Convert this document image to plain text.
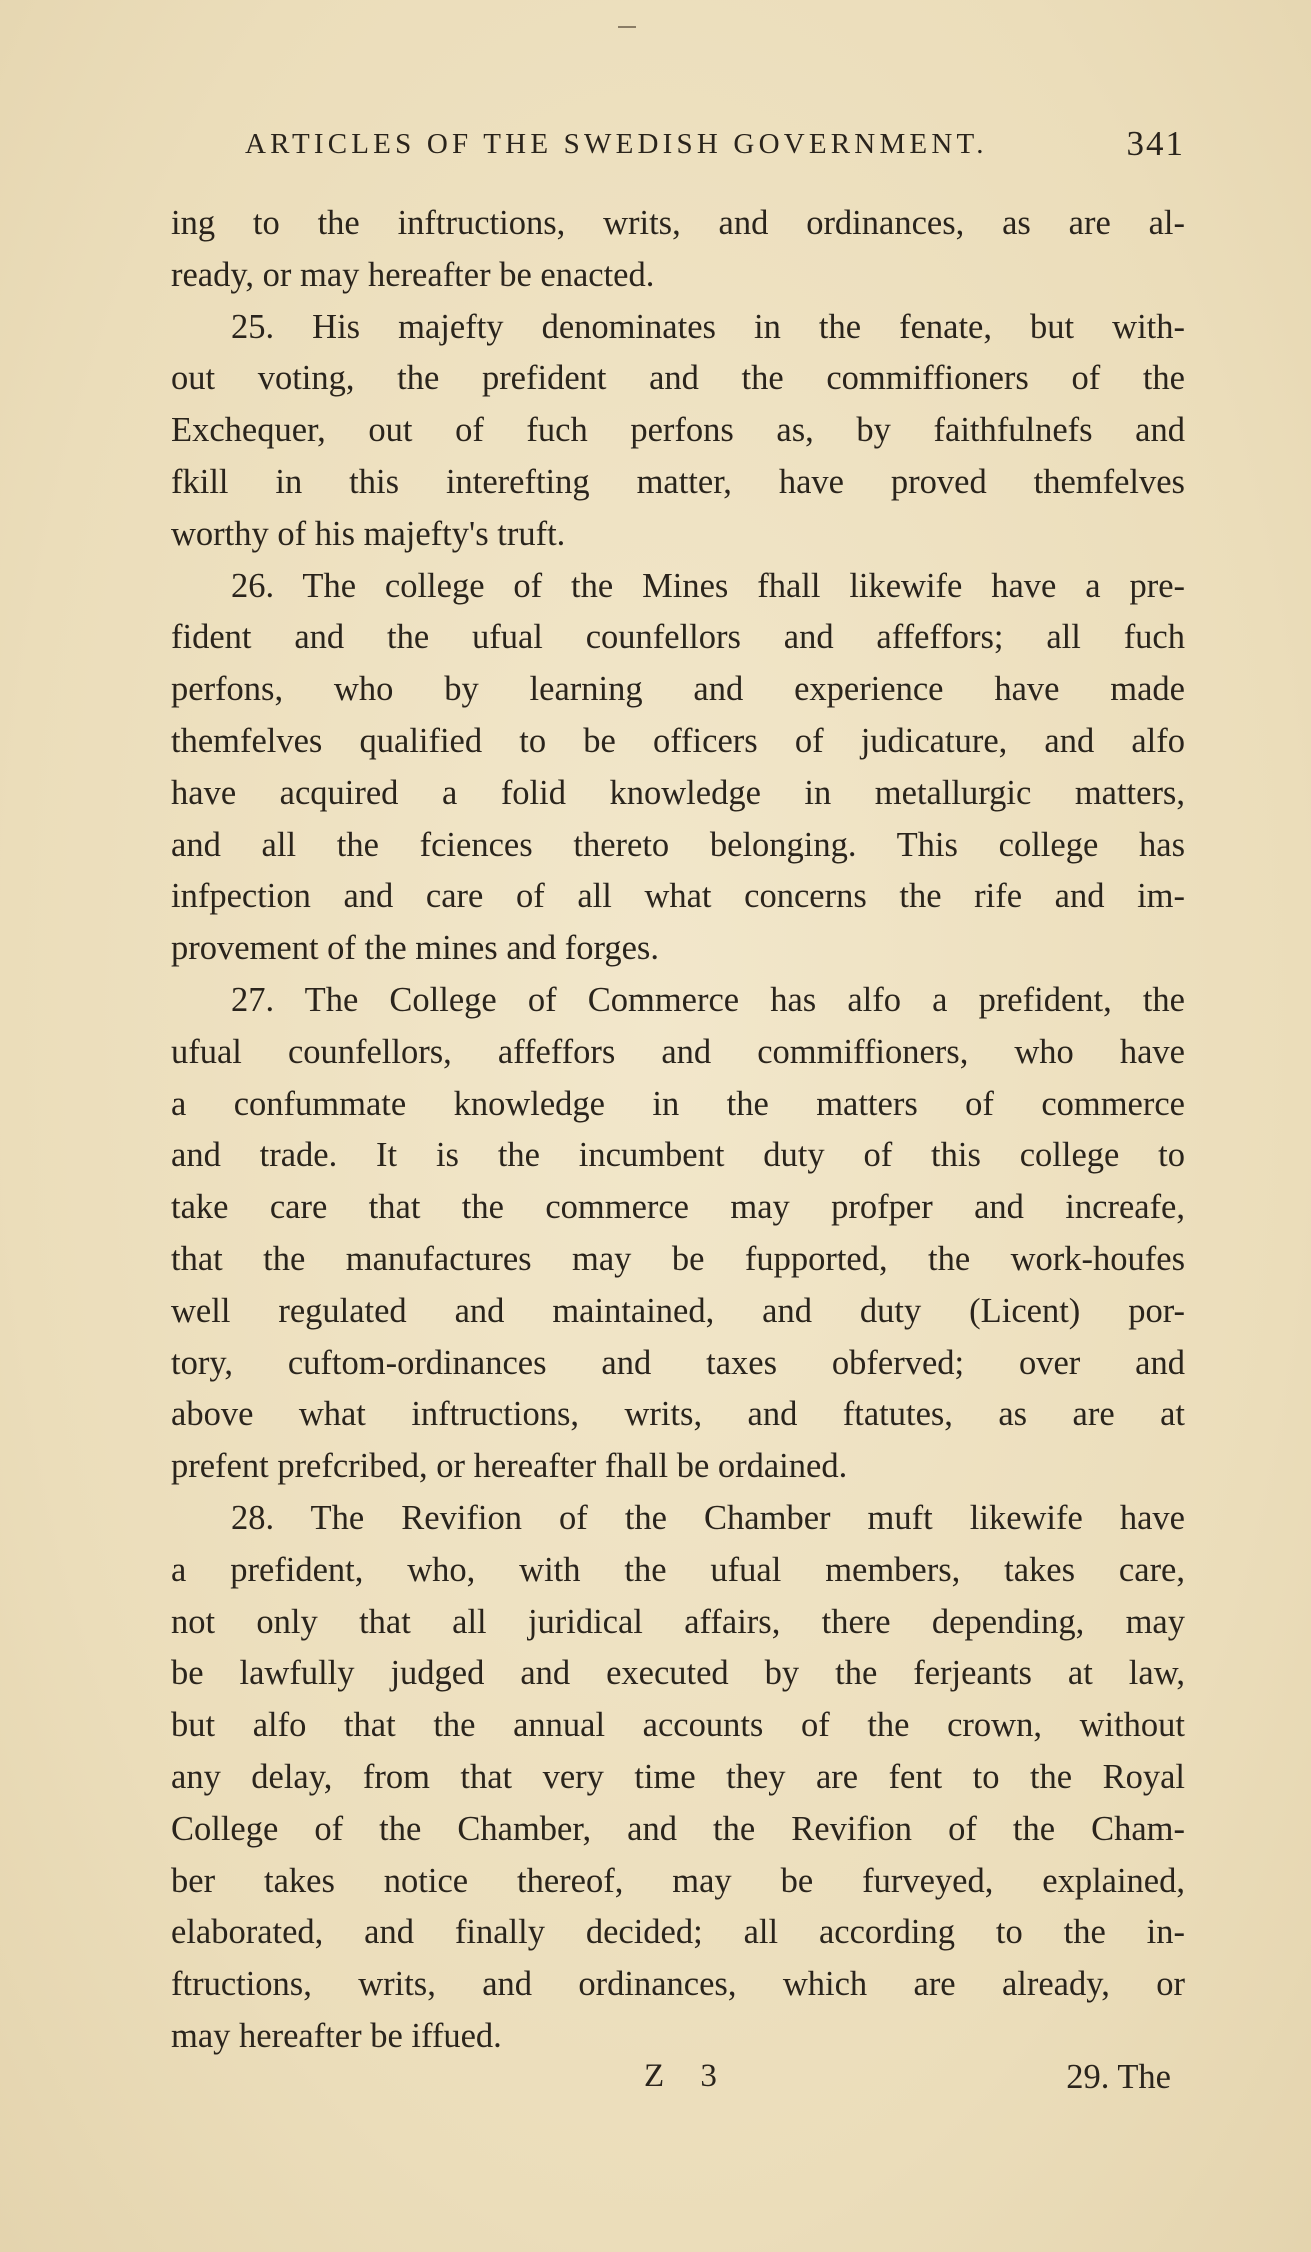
ARTICLES OF THE SWEDISH GOVERNMENT.	341
ing to the inftructions, writs, and ordinances, as are al-
ready, or may hereafter be enacted.
25. His majefty denominates in the fenate, but with-
out voting, the prefident and the commiffioners of the
Exchequer, out of fuch perfons as, by faithfulnefs and
fkill in this interefting matter, have proved themfelves
worthy of his majefty's truft.
26. The college of the Mines fhall likewife have a pre-
fident and the ufual counfellors and affeffors; all fuch
perfons, who by learning and experience have made
themfelves qualified to be officers of judicature, and alfo
have acquired a folid knowledge in metallurgic matters,
and all the fciences thereto belonging. This college has
infpection and care of all what concerns the rife and im-
provement of the mines and forges.
27. The College of Commerce has alfo a prefident, the
ufual counfellors, affeffors and commiffioners, who have
a confummate knowledge in the matters of commerce
and trade. It is the incumbent duty of this college to
take care that the commerce may profper and increafe,
that the manufactures may be fupported, the work-houfes
well regulated and maintained, and duty (Licent) por-
tory, cuftom-ordinances and taxes obferved; over and
above what inftructions, writs, and ftatutes, as are at
prefent prefcribed, or hereafter fhall be ordained.
28. The Revifion of the Chamber muft likewife have
a prefident, who, with the ufual members, takes care,
not only that all juridical affairs, there depending, may
be lawfully judged and executed by the ferjeants at law,
but alfo that the annual accounts of the crown, without
any delay, from that very time they are fent to the Royal
College of the Chamber, and the Revifion of the Cham-
ber takes notice thereof, may be furveyed, explained,
elaborated, and finally decided; all according to the in-
ftructions, writs, and ordinances, which are already, or
may hereafter be iffued.
Z 3	29. The
